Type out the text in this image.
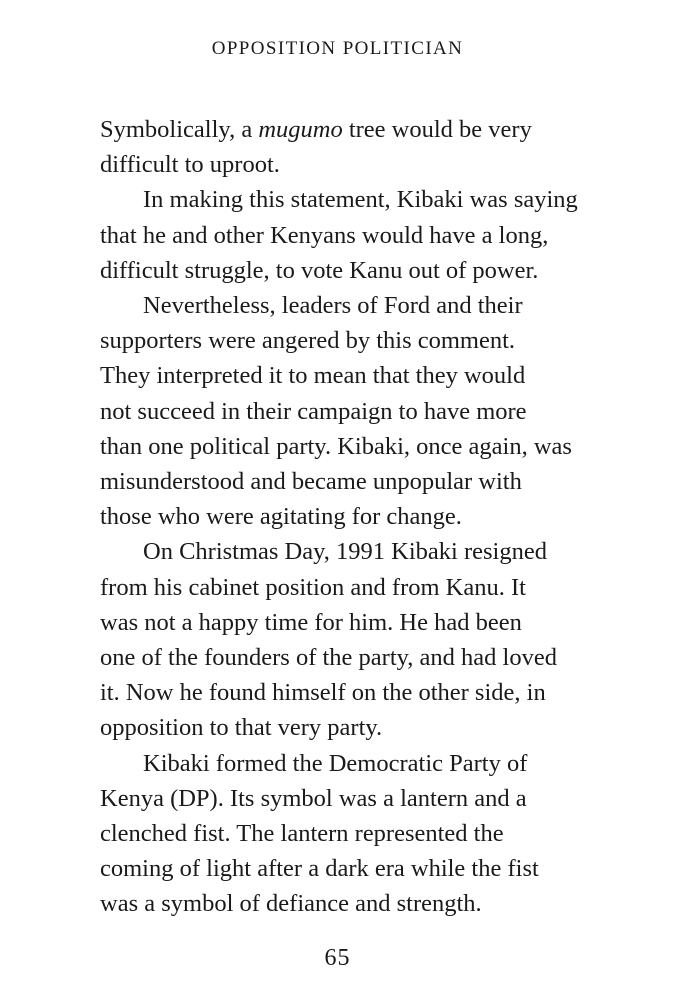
OPPOSITION POLITICIAN
Symbolically, a mugumo tree would be very
difficult to uproot.
In making this statement, Kibaki was saying
that he and other Kenyans would have a long,
difficult struggle, to vote Kanu out of power.
Nevertheless, leaders of Ford and their
supporters were angered by this comment.
They interpreted it to mean that they would
not succeed in their campaign to have more
than one political party. Kibaki, once again, was
misunderstood and became unpopular with
those who were agitating for change.
On Christmas Day, 1991 Kibaki resigned
from his cabinet position and from Kanu. It
was not a happy time for him. He had been
one of the founders of the party, and had loved
it. Now he found himself on the other side, in
opposition to that very party.
Kibaki formed the Democratic Party of
Kenya (DP). Its symbol was a lantern and a
clenched fist. The lantern represented the
coming of light after a dark era while the fist
was a symbol of defiance and strength.
65
